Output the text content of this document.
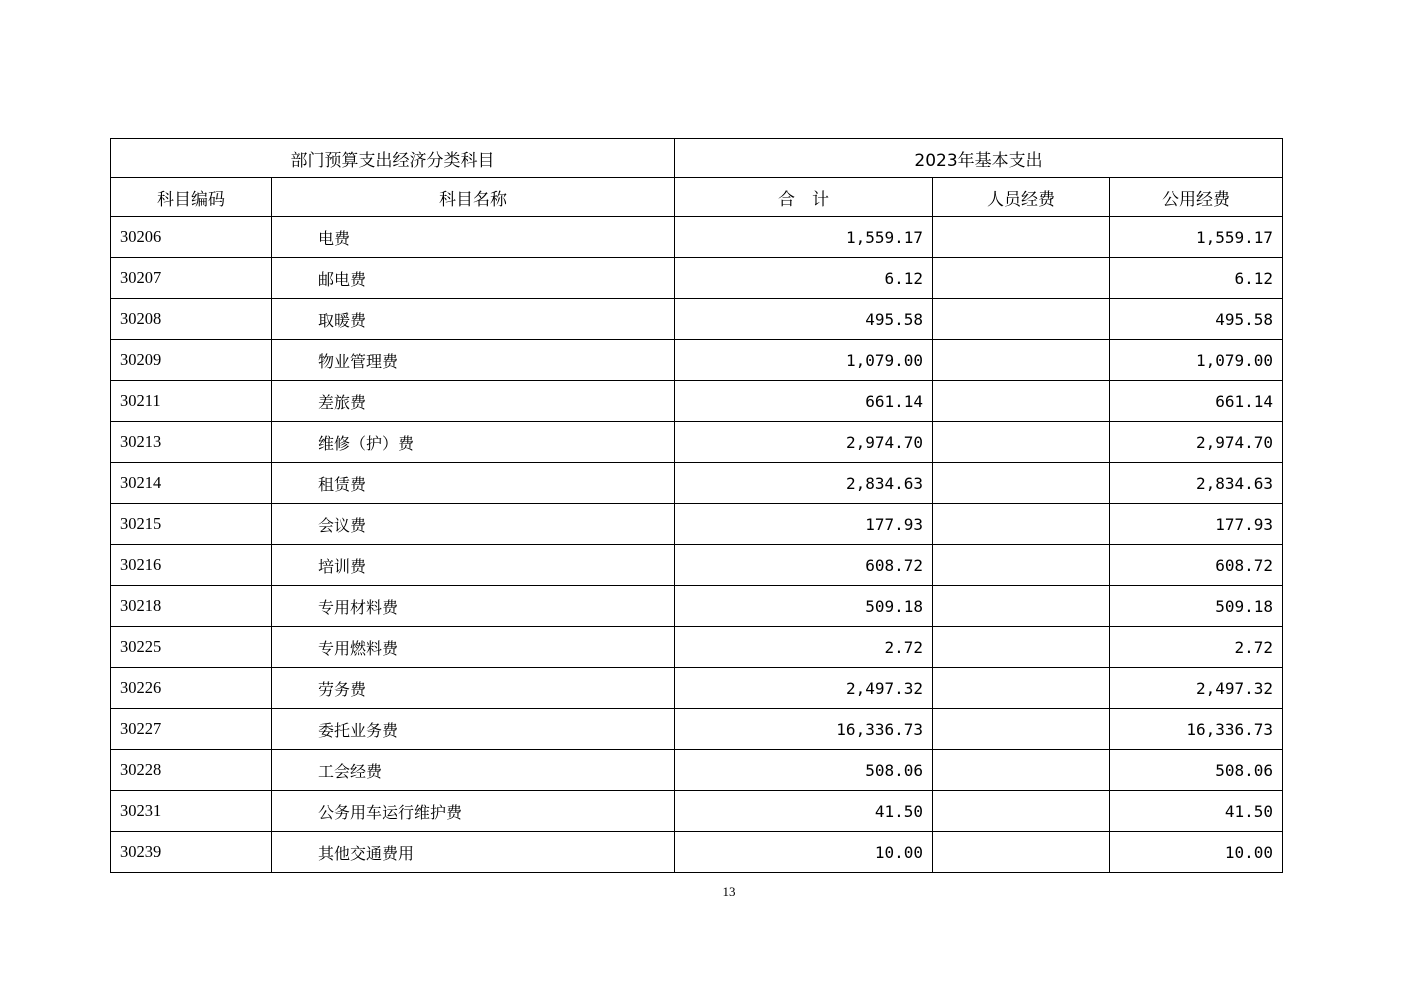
部门预算支出经济分类科目		2023年基本支出		
科目编码	科目名称	合　计	人员经费	公用经费
30206	电费	1,559.17		1,559.17
30207	邮电费	6.12		6.12
30208	取暖费	495.58		495.58
30209	物业管理费	1,079.00		1,079.00
30211	差旅费	661.14		661.14
30213	维修（护）费	2,974.70		2,974.70
30214	租赁费	2,834.63		2,834.63
30215	会议费	177.93		177.93
30216	培训费	608.72		608.72
30218	专用材料费	509.18		509.18
30225	专用燃料费	2.72		2.72
30226	劳务费	2,497.32		2,497.32
30227	委托业务费	16,336.73		16,336.73
30228	工会经费	508.06		508.06
30231	公务用车运行维护费	41.50		41.50
30239	其他交通费用	10.00		10.00
13
